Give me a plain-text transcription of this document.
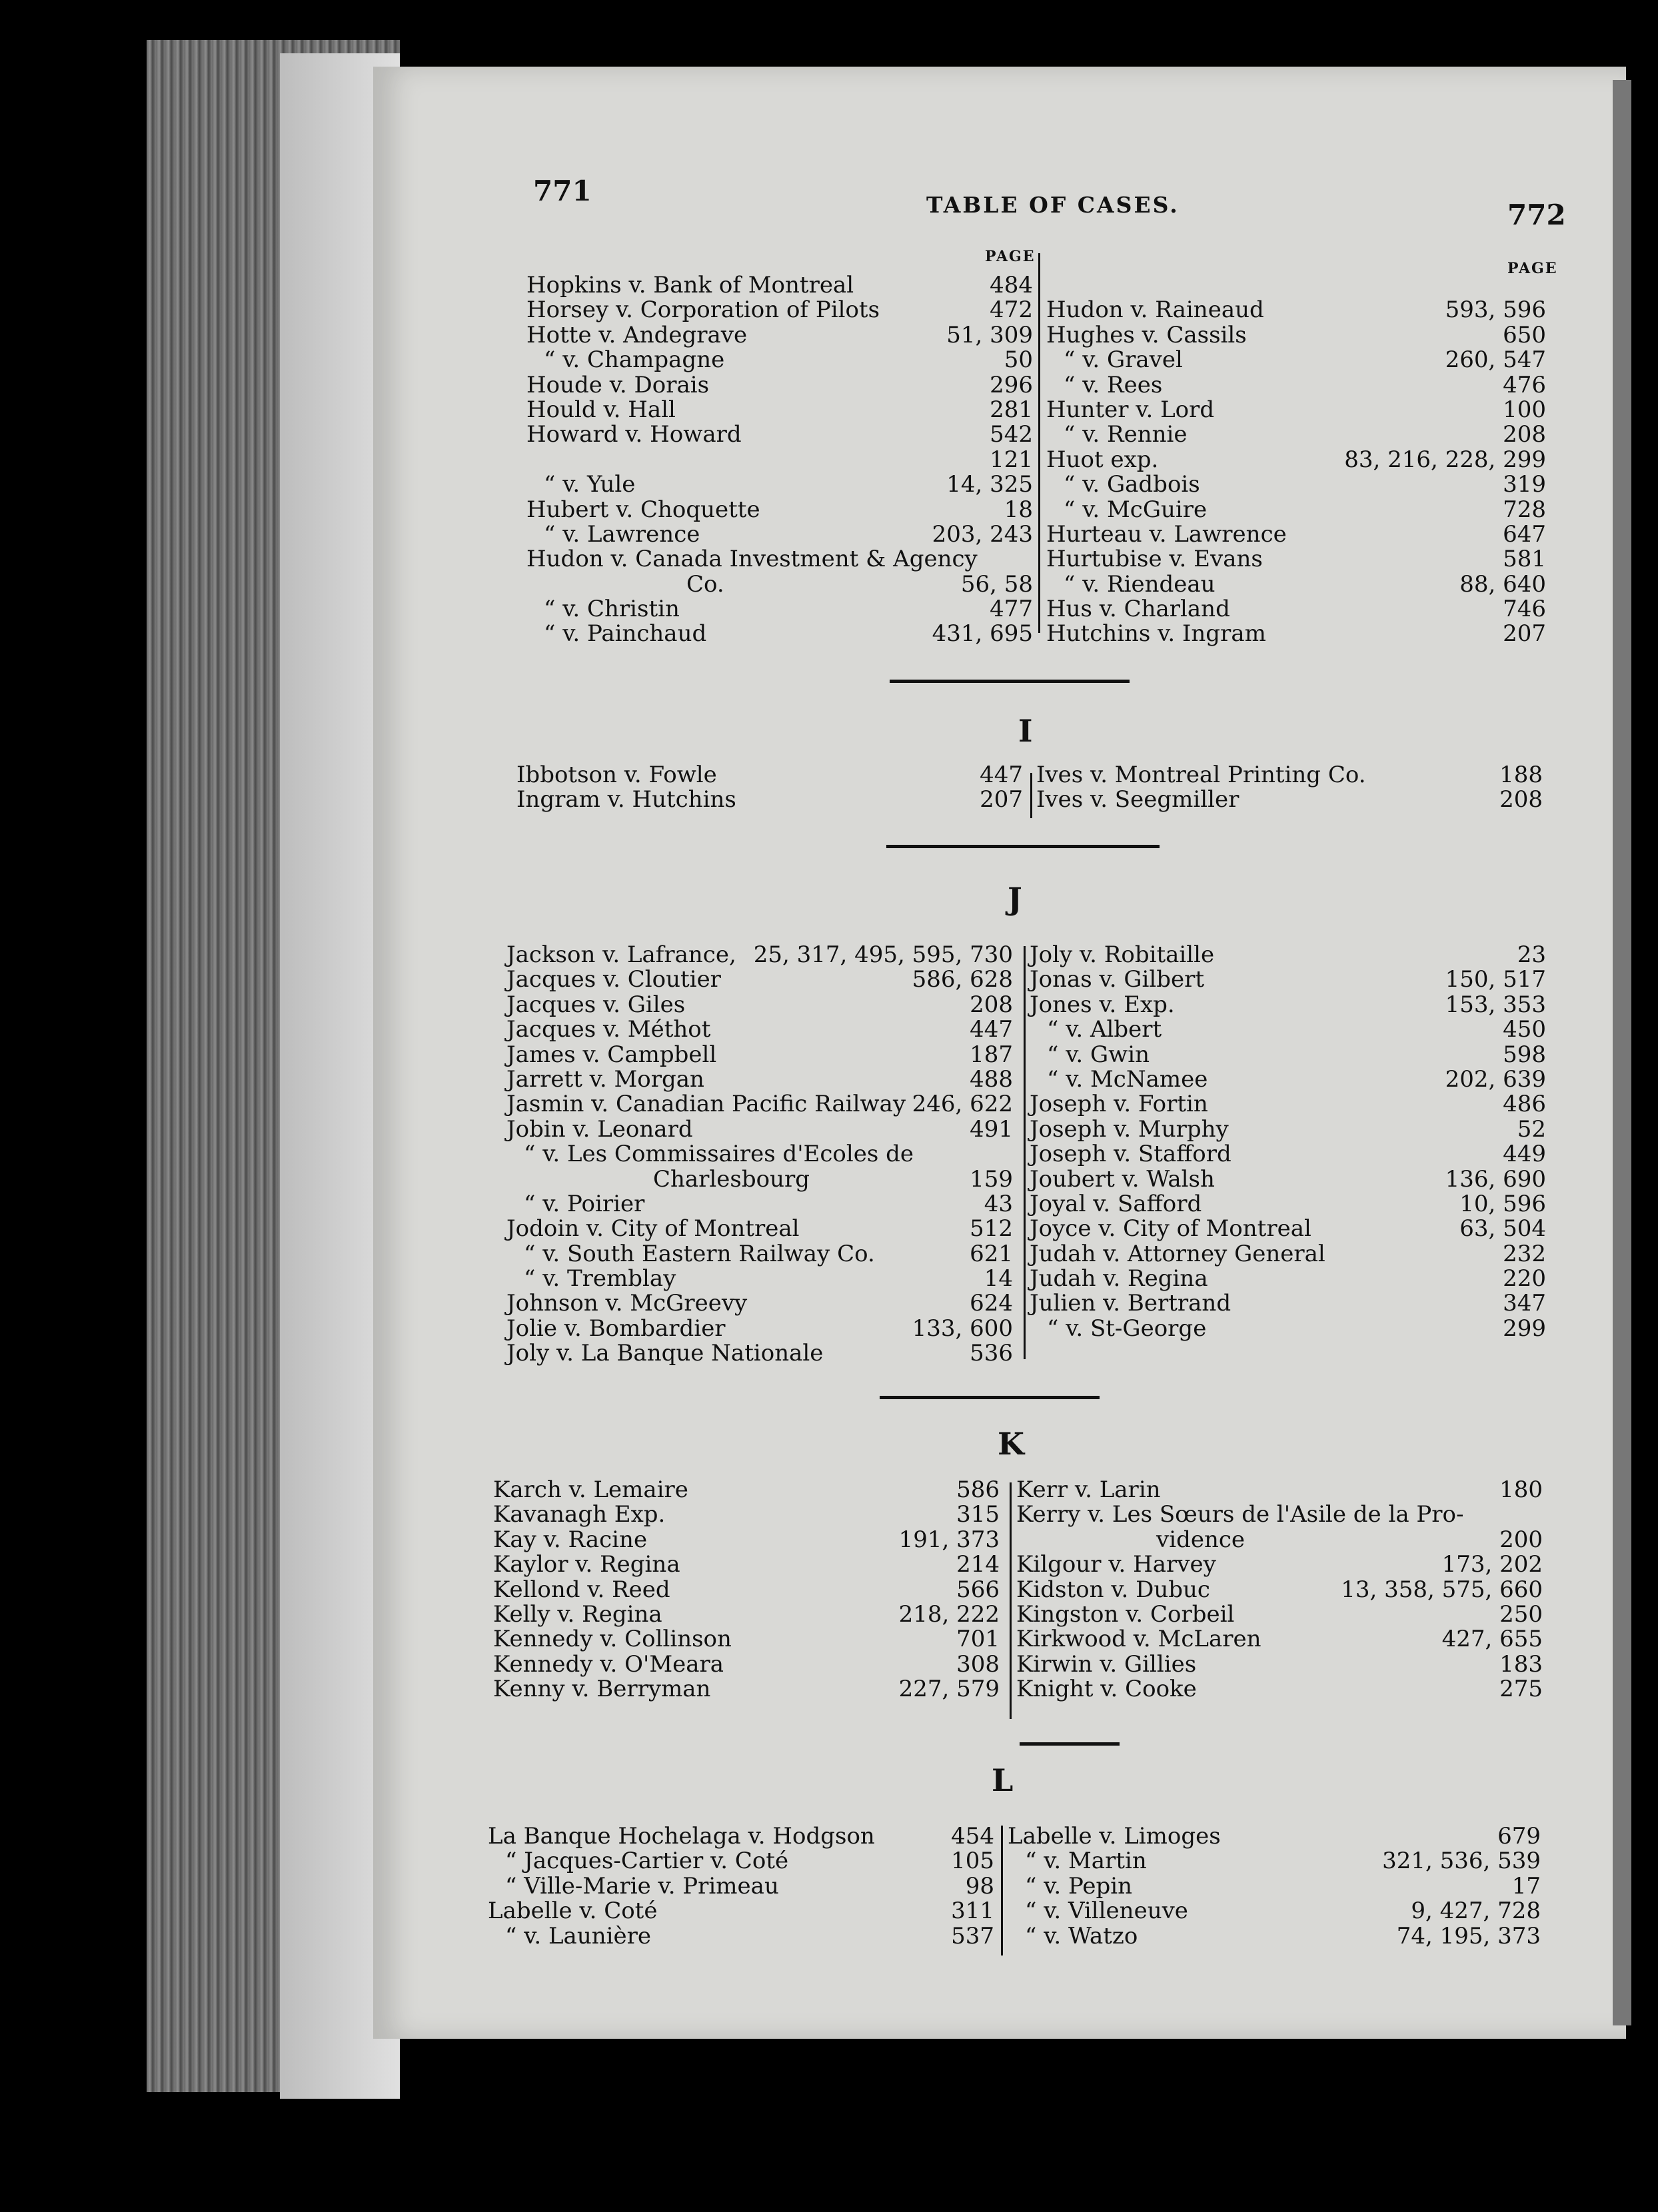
771
772
TABLE OF CASES.
PAGE
PAGE
Hopkins v. Bank of Montreal	484
Horsey v. Corporation of Pilots	472
Hotte v. Andegrave	51, 309
“ v. Champagne	50
Houde v. Dorais	296
Hould v. Hall	281
Howard v. Howard	542
121
“ v. Yule	14, 325
Hubert v. Choquette	18
“ v. Lawrence	203, 243
Hudon v. Canada Investment & Agency
Co.	56, 58
“ v. Christin	477
“ v. Painchaud	431, 695
Hudon v. Raineaud	593, 596
Hughes v. Cassils	650
“ v. Gravel	260, 547
“ v. Rees	476
Hunter v. Lord	100
“ v. Rennie	208
Huot exp.	83, 216, 228, 299
“ v. Gadbois	319
“ v. McGuire	728
Hurteau v. Lawrence	647
Hurtubise v. Evans	581
“ v. Riendeau	88, 640
Hus v. Charland	746
Hutchins v. Ingram	207
I
Ibbotson v. Fowle	447
Ingram v. Hutchins	207
Ives v. Montreal Printing Co.	188
Ives v. Seegmiller	208
J
Jackson v. Lafrance, 25, 317, 495, 595, 730
Jacques v. Cloutier	586, 628
Jacques v. Giles	208
Jacques v. Méthot	447
James v. Campbell	187
Jarrett v. Morgan	488
Jasmin v. Canadian Pacific Railway 246, 622
Jobin v. Leonard	491
“ v. Les Commissaires d'Ecoles de
Charlesbourg	159
“ v. Poirier	43
Jodoin v. City of Montreal	512
“ v. South Eastern Railway Co.	621
“ v. Tremblay	14
Johnson v. McGreevy	624
Jolie v. Bombardier	133, 600
Joly v. La Banque Nationale	536
Joly v. Robitaille	23
Jonas v. Gilbert	150, 517
Jones v. Exp.	153, 353
“ v. Albert	450
“ v. Gwin	598
“ v. McNamee	202, 639
Joseph v. Fortin	486
Joseph v. Murphy	52
Joseph v. Stafford	449
Joubert v. Walsh	136, 690
Joyal v. Safford	10, 596
Joyce v. City of Montreal	63, 504
Judah v. Attorney General	232
Judah v. Regina	220
Julien v. Bertrand	347
“ v. St-George	299
K
Karch v. Lemaire	586
Kavanagh Exp.	315
Kay v. Racine	191, 373
Kaylor v. Regina	214
Kellond v. Reed	566
Kelly v. Regina	218, 222
Kennedy v. Collinson	701
Kennedy v. O'Meara	308
Kenny v. Berryman	227, 579
Kerr v. Larin	180
Kerry v. Les Sœurs de l'Asile de la Pro-
vidence	200
Kilgour v. Harvey	173, 202
Kidston v. Dubuc	13, 358, 575, 660
Kingston v. Corbeil	250
Kirkwood v. McLaren	427, 655
Kirwin v. Gillies	183
Knight v. Cooke	275
L
La Banque Hochelaga v. Hodgson	454
“ Jacques-Cartier v. Coté	105
“ Ville-Marie v. Primeau	98
Labelle v. Coté	311
“ v. Launière	537
Labelle v. Limoges	679
“ v. Martin	321, 536, 539
“ v. Pepin	17
“ v. Villeneuve	9, 427, 728
“ v. Watzo	74, 195, 373
